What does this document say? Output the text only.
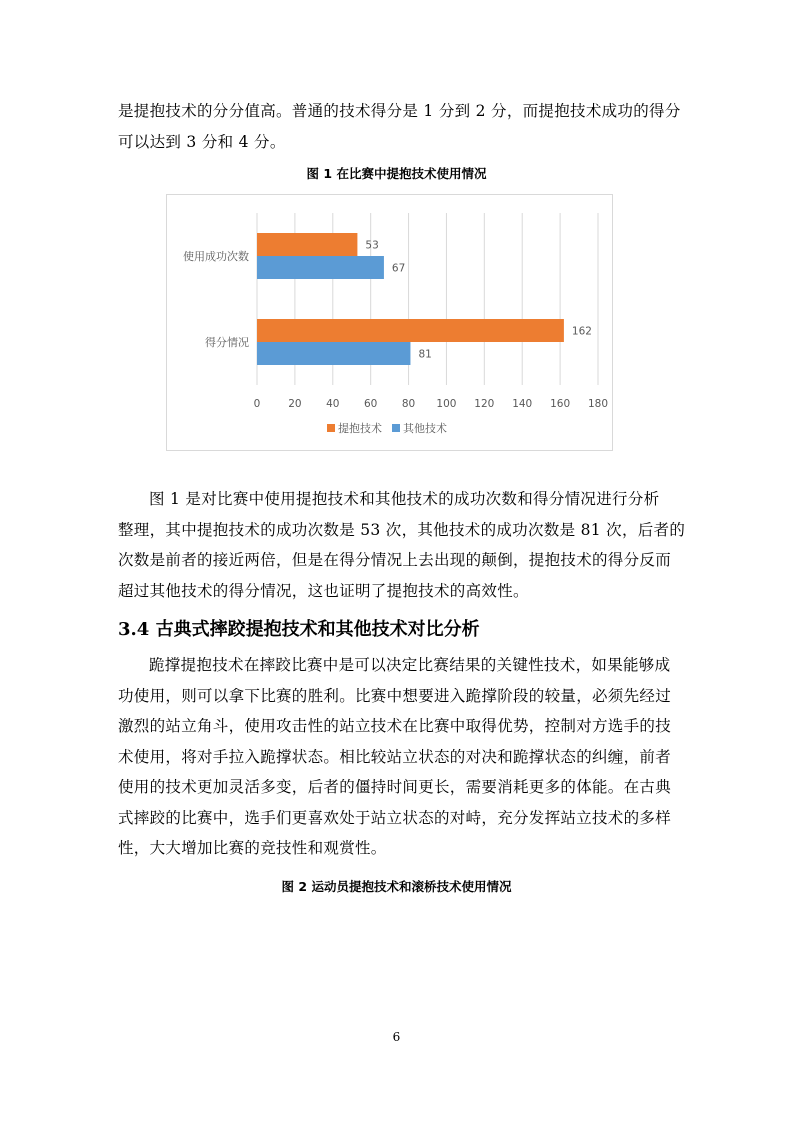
是提抱技术的分分值高。普通的技术得分是 1 分到 2 分，而提抱技术成功的得分
可以达到 3 分和 4 分。

图 1 在比赛中提抱技术使用情况
0	20 40 60 80 100 120 140 160 180
53
67
使用成功次数
162
81
得分情况
提抱技术 其他技术

图 1 是对比赛中使用提抱技术和其他技术的成功次数和得分情况进行分析
整理，其中提抱技术的成功次数是 53 次，其他技术的成功次数是 81 次，后者的
次数是前者的接近两倍，但是在得分情况上去出现的颠倒，提抱技术的得分反而
超过其他技术的得分情况，这也证明了提抱技术的高效性。

3.4 古典式摔跤提抱技术和其他技术对比分析

跪撑提抱技术在摔跤比赛中是可以决定比赛结果的关键性技术，如果能够成
功使用，则可以拿下比赛的胜利。比赛中想要进入跪撑阶段的较量，必须先经过
激烈的站立角斗，使用攻击性的站立技术在比赛中取得优势，控制对方选手的技
术使用，将对手拉入跪撑状态。相比较站立状态的对决和跪撑状态的纠缠，前者
使用的技术更加灵活多变，后者的僵持时间更长，需要消耗更多的体能。在古典
式摔跤的比赛中，选手们更喜欢处于站立状态的对峙，充分发挥站立技术的多样
性，大大增加比赛的竞技性和观赏性。

图 2 运动员提抱技术和滚桥技术使用情况
6
